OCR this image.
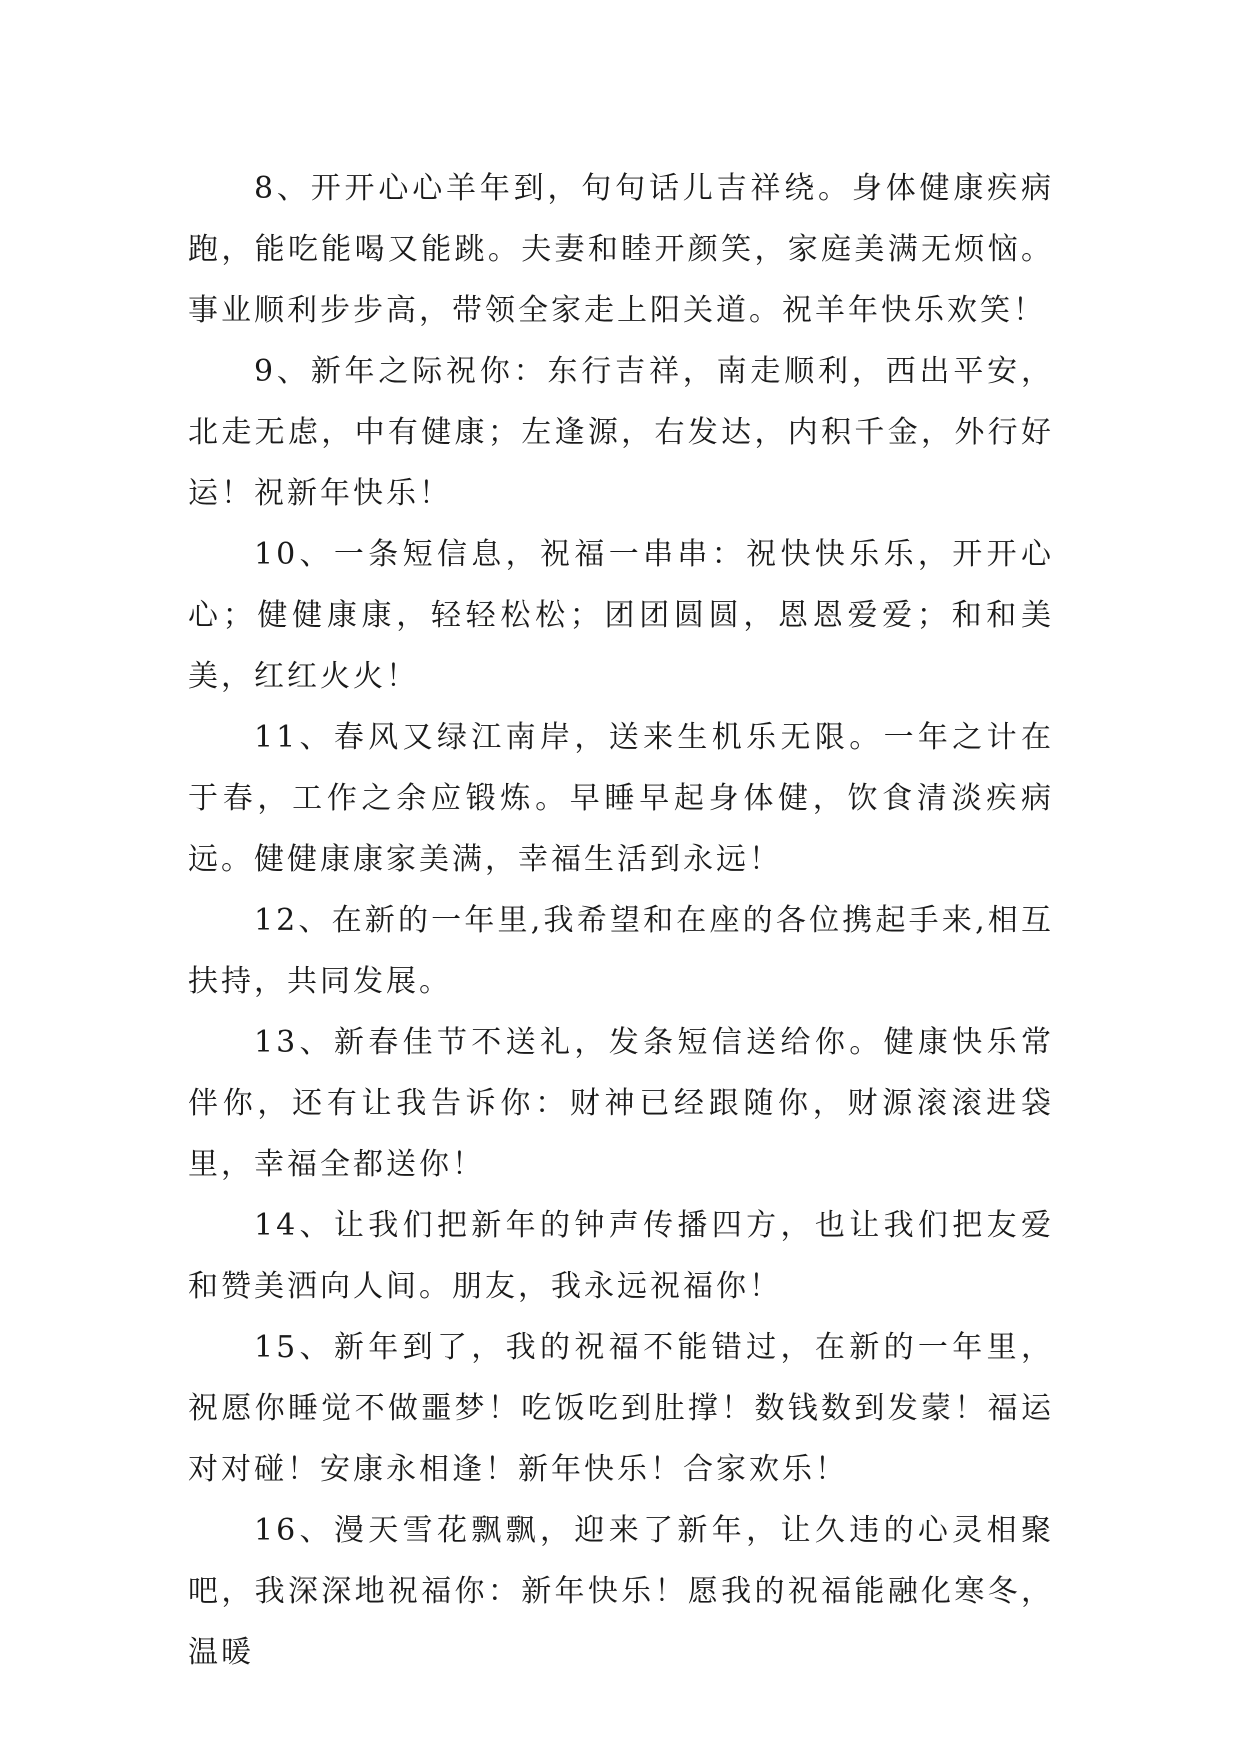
8、开开心心羊年到，句句话儿吉祥绕。身体健康疾病跑，能吃能喝又能跳。夫妻和睦开颜笑，家庭美满无烦恼。事业顺利步步高，带领全家走上阳关道。祝羊年快乐欢笑！

9、新年之际祝你：东行吉祥，南走顺利，西出平安，北走无虑，中有健康；左逢源，右发达，内积千金，外行好运！祝新年快乐！

10、一条短信息，祝福一串串：祝快快乐乐，开开心心；健健康康，轻轻松松；团团圆圆，恩恩爱爱；和和美美，红红火火！

11、春风又绿江南岸，送来生机乐无限。一年之计在于春，工作之余应锻炼。早睡早起身体健，饮食清淡疾病远。健健康康家美满，幸福生活到永远！

12、在新的一年里,我希望和在座的各位携起手来,相互扶持，共同发展。

13、新春佳节不送礼，发条短信送给你。健康快乐常伴你，还有让我告诉你：财神已经跟随你，财源滚滚进袋里，幸福全都送你！

14、让我们把新年的钟声传播四方，也让我们把友爱和赞美洒向人间。朋友，我永远祝福你！

15、新年到了，我的祝福不能错过，在新的一年里，祝愿你睡觉不做噩梦！吃饭吃到肚撑！数钱数到发蒙！福运对对碰！安康永相逢！新年快乐！合家欢乐！

16、漫天雪花飘飘，迎来了新年，让久违的心灵相聚吧，我深深地祝福你：新年快乐！愿我的祝福能融化寒冬，温暖
